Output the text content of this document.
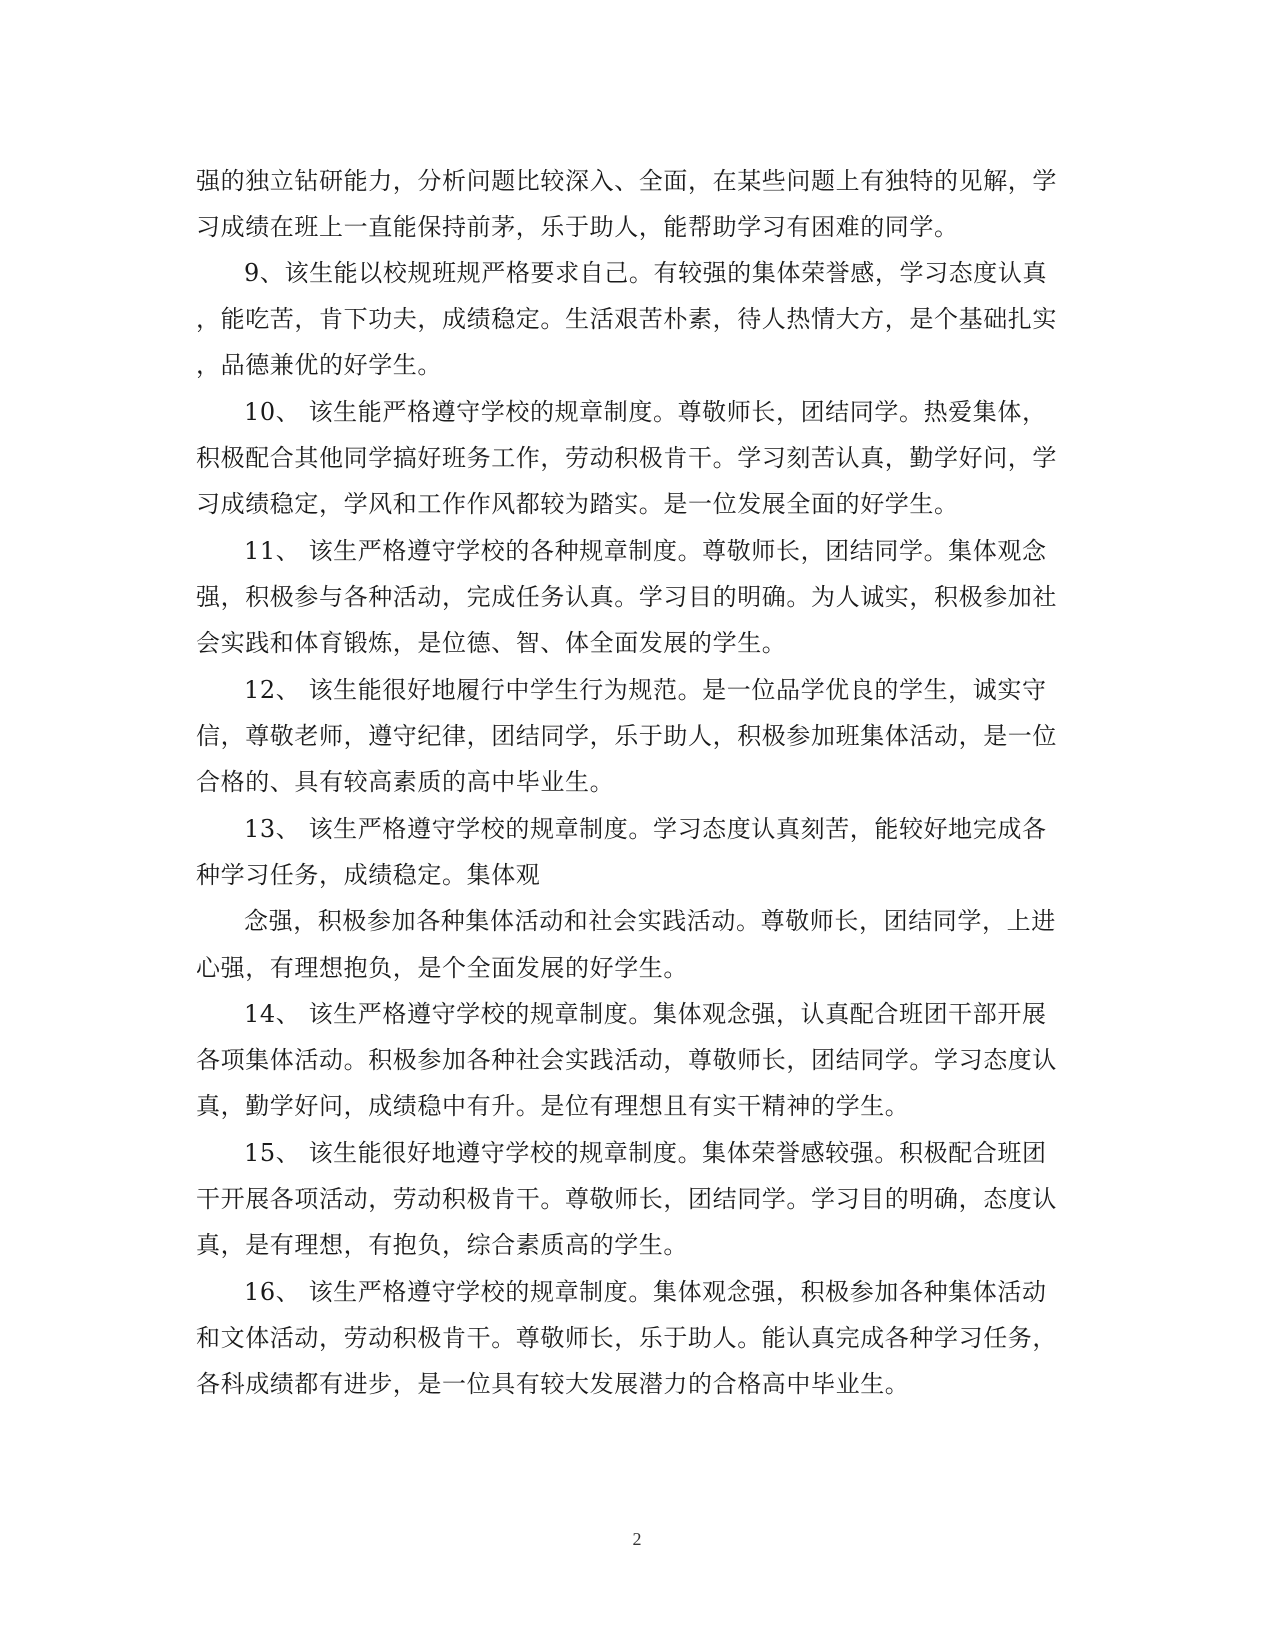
强的独立钻研能力，分析问题比较深入、全面，在某些问题上有独特的见解，学
习成绩在班上一直能保持前茅，乐于助人，能帮助学习有困难的同学。
9、该生能以校规班规严格要求自己。有较强的集体荣誉感，学习态度认真
，能吃苦，肯下功夫，成绩稳定。生活艰苦朴素，待人热情大方，是个基础扎实
，品德兼优的好学生。
10、 该生能严格遵守学校的规章制度。尊敬师长，团结同学。热爱集体，
积极配合其他同学搞好班务工作，劳动积极肯干。学习刻苦认真，勤学好问，学
习成绩稳定，学风和工作作风都较为踏实。是一位发展全面的好学生。
11、 该生严格遵守学校的各种规章制度。尊敬师长，团结同学。集体观念
强，积极参与各种活动，完成任务认真。学习目的明确。为人诚实，积极参加社
会实践和体育锻炼，是位德、智、体全面发展的学生。
12、 该生能很好地履行中学生行为规范。是一位品学优良的学生，诚实守
信，尊敬老师，遵守纪律，团结同学，乐于助人，积极参加班集体活动，是一位
合格的、具有较高素质的高中毕业生。
13、 该生严格遵守学校的规章制度。学习态度认真刻苦，能较好地完成各
种学习任务，成绩稳定。集体观
念强，积极参加各种集体活动和社会实践活动。尊敬师长，团结同学，上进
心强，有理想抱负，是个全面发展的好学生。
14、 该生严格遵守学校的规章制度。集体观念强，认真配合班团干部开展
各项集体活动。积极参加各种社会实践活动，尊敬师长，团结同学。学习态度认
真，勤学好问，成绩稳中有升。是位有理想且有实干精神的学生。
15、 该生能很好地遵守学校的规章制度。集体荣誉感较强。积极配合班团
干开展各项活动，劳动积极肯干。尊敬师长，团结同学。学习目的明确，态度认
真，是有理想，有抱负，综合素质高的学生。
16、 该生严格遵守学校的规章制度。集体观念强，积极参加各种集体活动
和文体活动，劳动积极肯干。尊敬师长，乐于助人。能认真完成各种学习任务，
各科成绩都有进步，是一位具有较大发展潜力的合格高中毕业生。
2
